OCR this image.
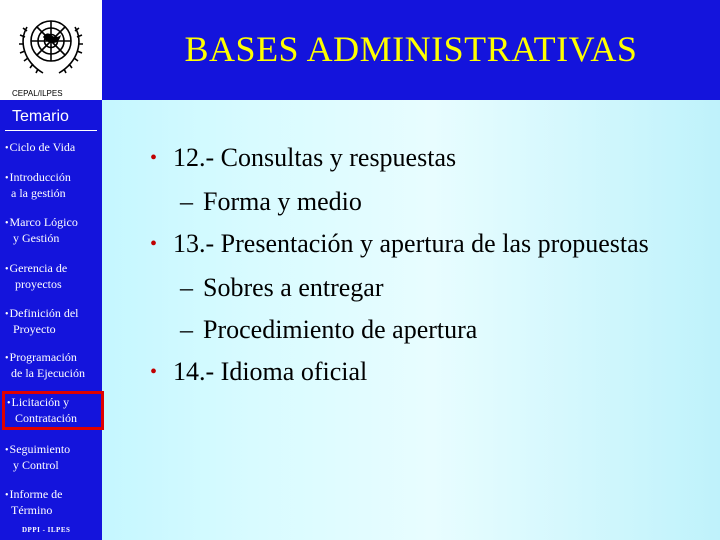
CEPAL/ILPES
BASES ADMINISTRATIVAS
Temario
•Ciclo de Vida
•Introducción
a la gestión
•Marco Lógico
y Gestión
•Gerencia de
proyectos
•Definición del
Proyecto
•Programación
de la Ejecución
•Licitación y
Contratación
•Seguimiento
y Control
•Informe de
Término
DPPI - ILPES
• 12.- Consultas y respuestas
– Forma y medio
• 13.- Presentación y apertura de las propuestas
– Sobres a entregar
– Procedimiento de apertura
• 14.- Idioma oficial
